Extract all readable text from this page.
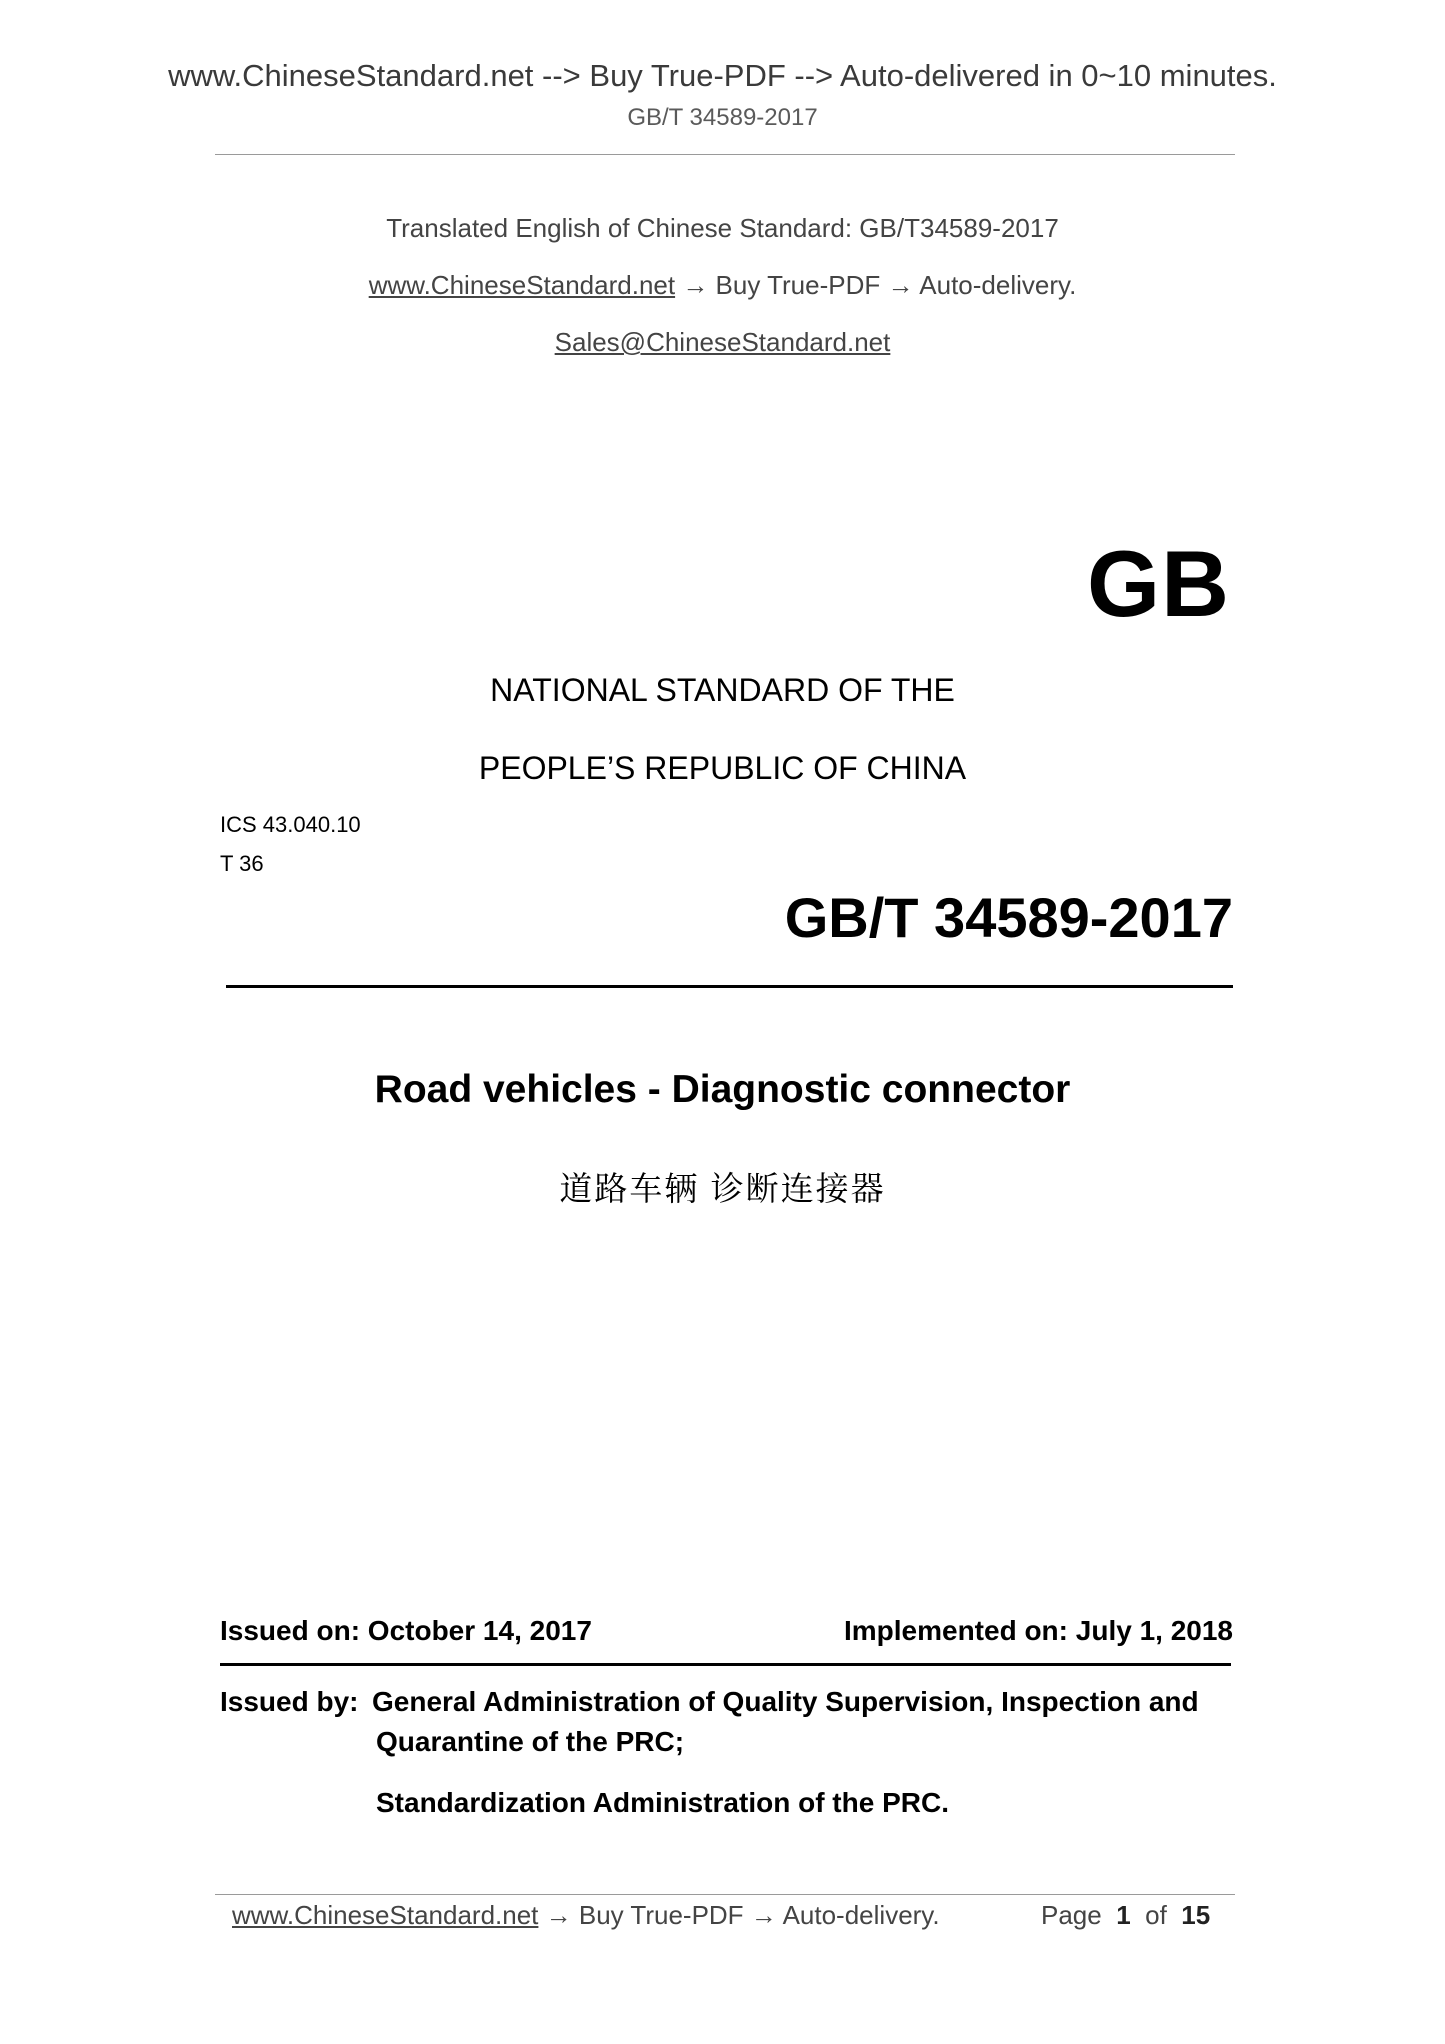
www.ChineseStandard.net --> Buy True-PDF --> Auto-delivered in 0~10 minutes.
GB/T 34589-2017
Translated English of Chinese Standard: GB/T34589-2017
www.ChineseStandard.net → Buy True-PDF → Auto-delivery.
Sales@ChineseStandard.net
GB
NATIONAL STANDARD OF THE
PEOPLE’S REPUBLIC OF CHINA
ICS 43.040.10
T 36
GB/T 34589-2017
Road vehicles - Diagnostic connector
道路车辆 诊断连接器
Issued on: October 14, 2017	Implemented on: July 1, 2018
Issued by: General Administration of Quality Supervision, Inspection and
Quarantine of the PRC;
Standardization Administration of the PRC.
www.ChineseStandard.net → Buy True-PDF → Auto-delivery.	Page 1 of 15
